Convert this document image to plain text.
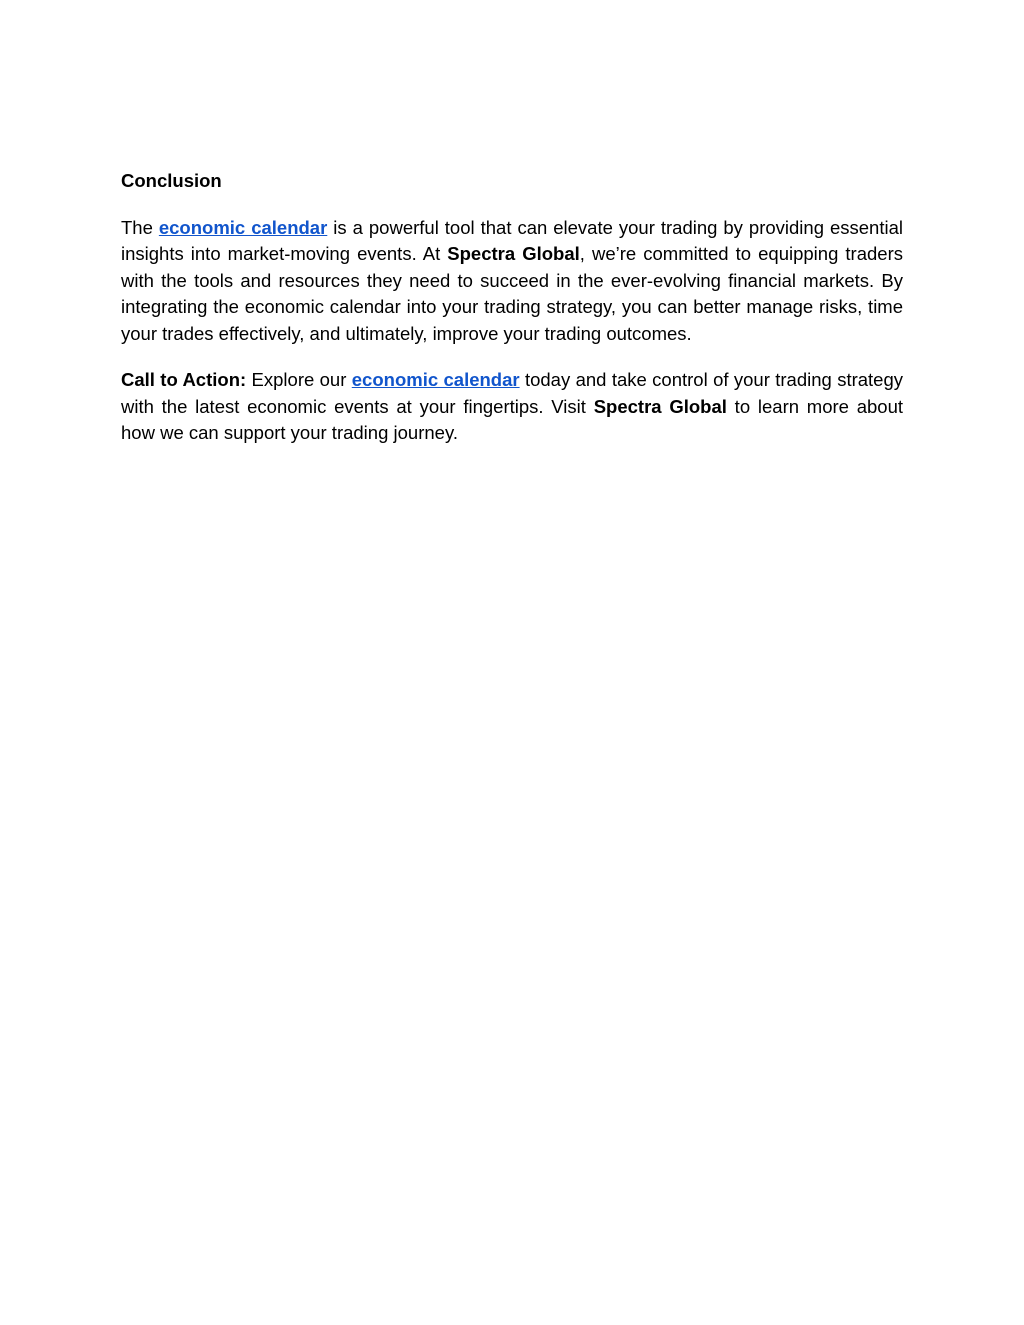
Conclusion

The economic calendar is a powerful tool that can elevate your trading by providing essential insights into market-moving events. At Spectra Global, we’re committed to equipping traders with the tools and resources they need to succeed in the ever-evolving financial markets. By integrating the economic calendar into your trading strategy, you can better manage risks, time your trades effectively, and ultimately, improve your trading outcomes.

Call to Action: Explore our economic calendar today and take control of your trading strategy with the latest economic events at your fingertips. Visit Spectra Global to learn more about how we can support your trading journey.
